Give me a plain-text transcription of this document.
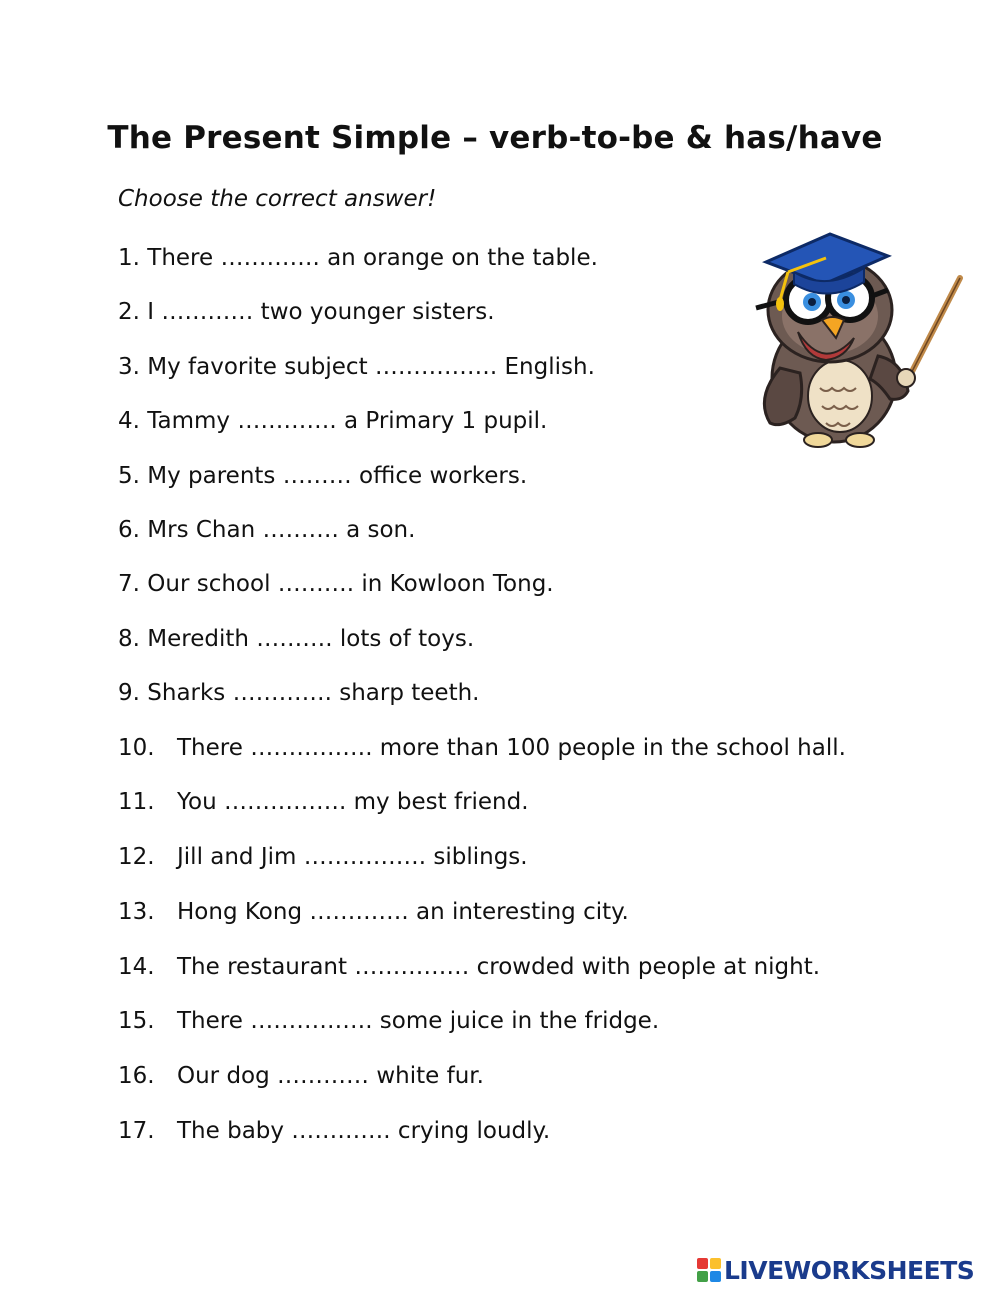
The Present Simple – verb-to-be & has/have
Choose the correct answer!
1. There …………. an orange on the table.
2. I ………… two younger sisters.
3. My favorite subject ……………. English.
4. Tammy …………. a Primary 1 pupil.
5. My parents ……… office workers.
6. Mrs Chan ………. a son.
7. Our school ………. in Kowloon Tong.
8. Meredith ………. lots of toys.
9. Sharks …………. sharp teeth.
10. There ……………. more than 100 people in the school hall.
11. You ……………. my best friend.
12. Jill and Jim ……………. siblings.
13. Hong Kong …………. an interesting city.
14. The restaurant …………… crowded with people at night.
15. There ……………. some juice in the fridge.
16. Our dog ………… white fur.
17. The baby …………. crying loudly.
LIVEWORKSHEETS
